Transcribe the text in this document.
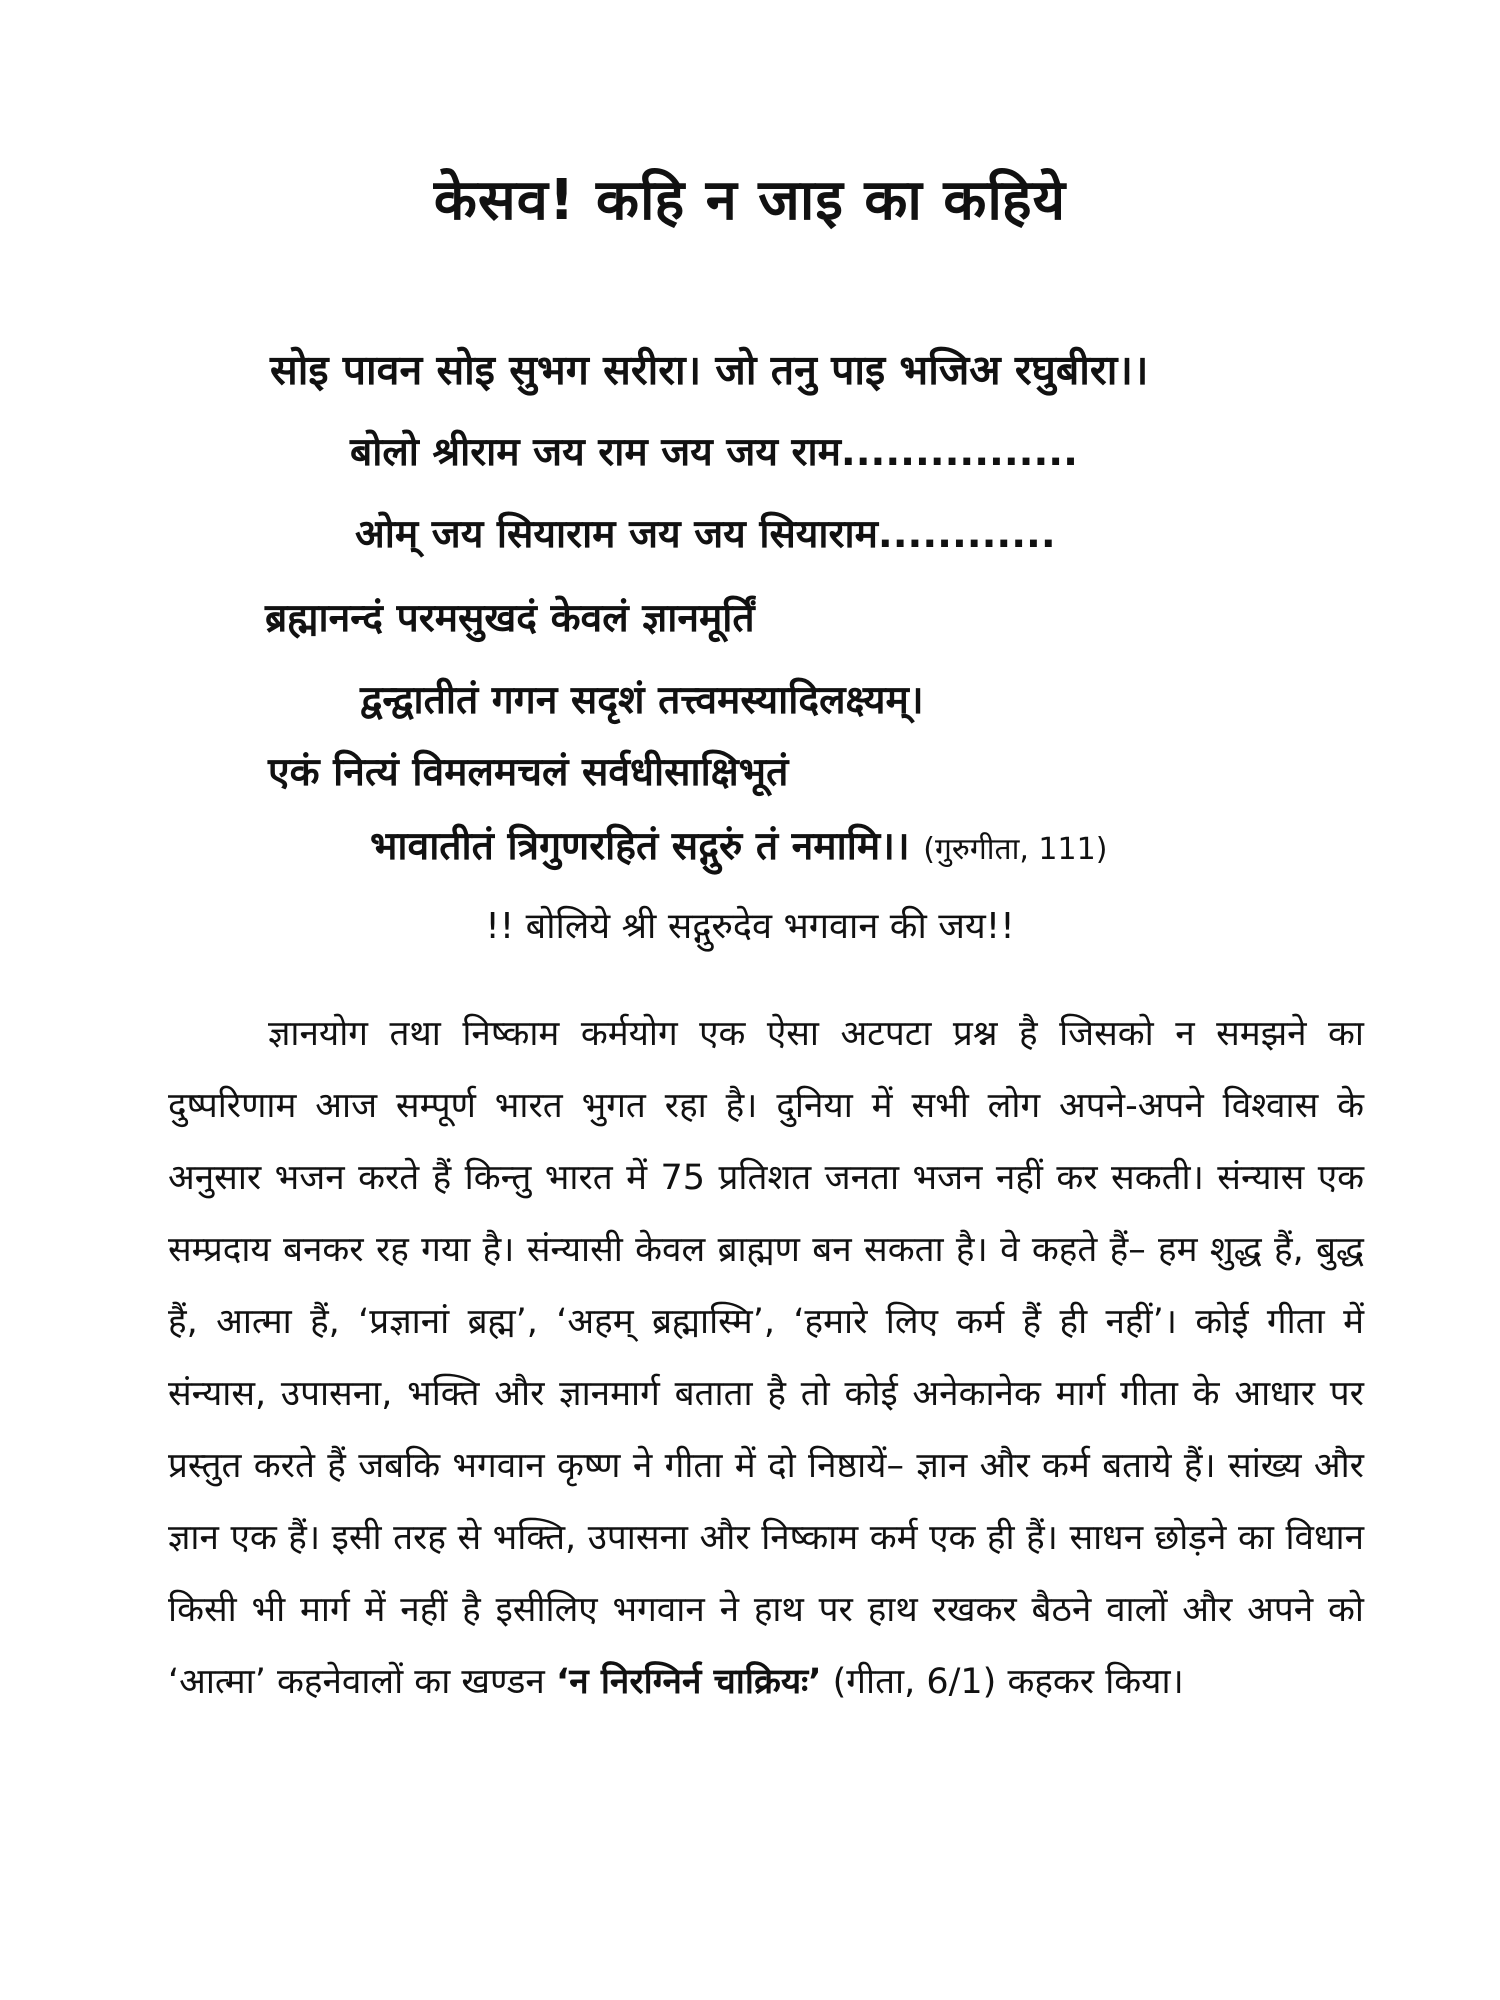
केसव! कहि न जाइ का कहिये

सोइ पावन सोइ सुभग सरीरा। जो तनु पाइ भजिअ रघुबीरा।।

बोलो श्रीराम जय राम जय जय राम................

ओम् जय सियाराम जय जय सियाराम............

ब्रह्मानन्दं परमसुखदं केवलं ज्ञानमूर्तिं

द्वन्द्वातीतं गगन सदृशं तत्त्वमस्यादिलक्ष्यम्।

एकं नित्यं विमलमचलं सर्वधीसाक्षिभूतं

भावातीतं त्रिगुणरहितं सद्गुरुं तं नमामि।। (गुरुगीता, 111)

!! बोलिये श्री सद्गुरुदेव भगवान की जय!!

ज्ञानयोग तथा निष्काम कर्मयोग एक ऐसा अटपटा प्रश्न है जिसको न समझने का दुष्परिणाम आज सम्पूर्ण भारत भुगत रहा है। दुनिया में सभी लोग अपने-अपने विश्वास के अनुसार भजन करते हैं किन्तु भारत में 75 प्रतिशत जनता भजन नहीं कर सकती। संन्यास एक सम्प्रदाय बनकर रह गया है। संन्यासी केवल ब्राह्मण बन सकता है। वे कहते हैं– हम शुद्ध हैं, बुद्ध हैं, आत्मा हैं, ‘प्रज्ञानां ब्रह्म’, ‘अहम् ब्रह्मास्मि’, ‘हमारे लिए कर्म हैं ही नहीं’। कोई गीता में संन्यास, उपासना, भक्ति और ज्ञानमार्ग बताता है तो कोई अनेकानेक मार्ग गीता के आधार पर प्रस्तुत करते हैं जबकि भगवान कृष्ण ने गीता में दो निष्ठायें– ज्ञान और कर्म बताये हैं। सांख्य और ज्ञान एक हैं। इसी तरह से भक्ति, उपासना और निष्काम कर्म एक ही हैं। साधन छोड़ने का विधान किसी भी मार्ग में नहीं है इसीलिए भगवान ने हाथ पर हाथ रखकर बैठने वालों और अपने को ‘आत्मा’ कहनेवालों का खण्डन ‘न निरग्निर्न चाक्रियः’ (गीता, 6/1) कहकर किया।
